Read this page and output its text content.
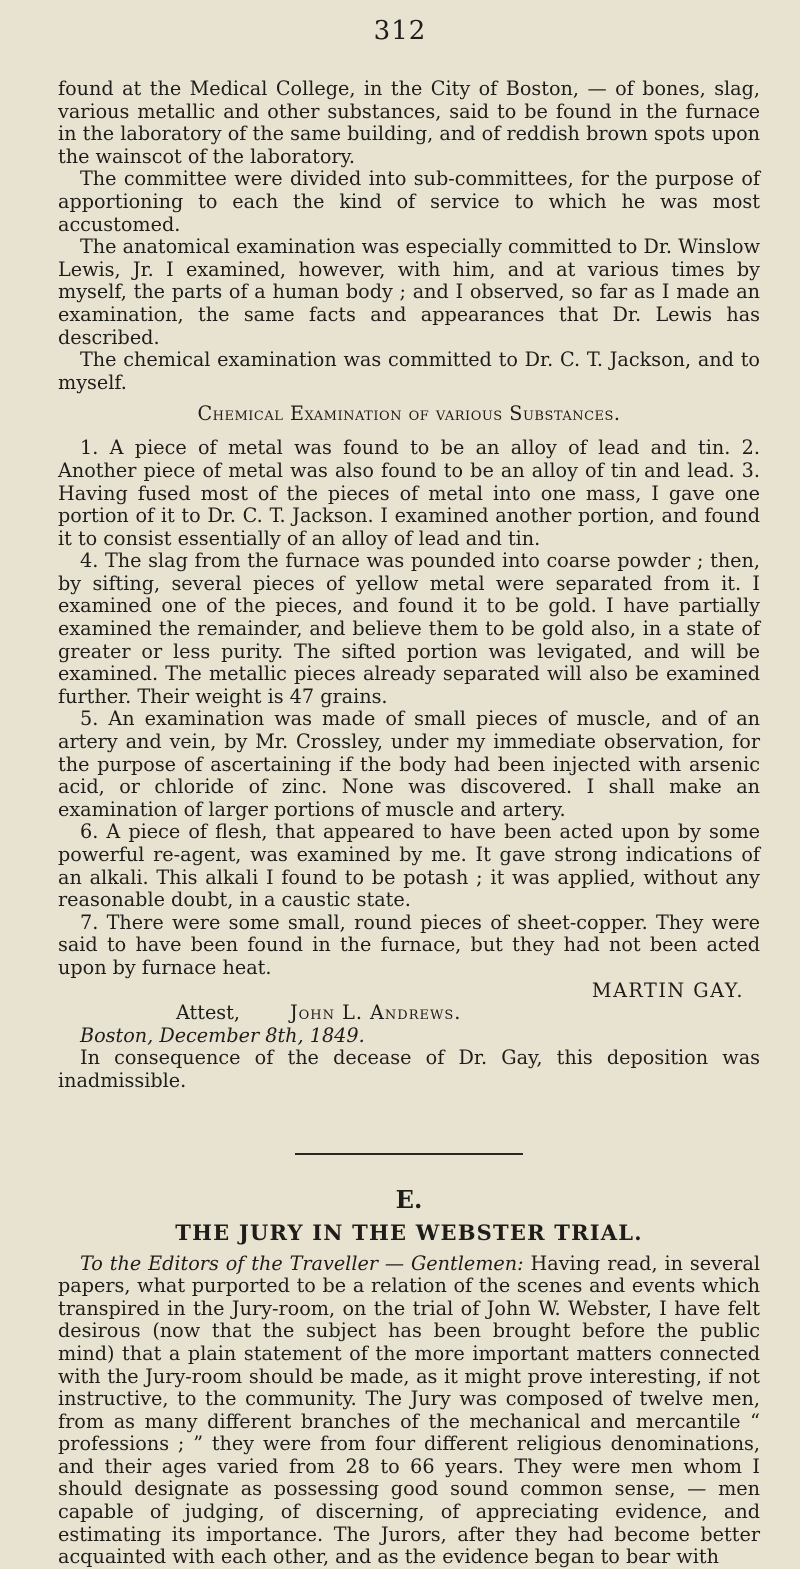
312

found at the Medical College, in the City of Boston, — of bones, slag, various metallic and other substances, said to be found in the furnace in the laboratory of the same building, and of reddish brown spots upon the wainscot of the laboratory.

The committee were divided into sub-committees, for the purpose of apportioning to each the kind of service to which he was most accustomed.

The anatomical examination was especially committed to Dr. Winslow Lewis, Jr. I examined, however, with him, and at various times by myself, the parts of a human body ; and I observed, so far as I made an examination, the same facts and appearances that Dr. Lewis has described.

The chemical examination was committed to Dr. C. T. Jackson, and to myself.

Chemical Examination of various Substances.

1. A piece of metal was found to be an alloy of lead and tin. 2. Another piece of metal was also found to be an alloy of tin and lead. 3. Having fused most of the pieces of metal into one mass, I gave one portion of it to Dr. C. T. Jackson. I examined another portion, and found it to consist essentially of an alloy of lead and tin.

4. The slag from the furnace was pounded into coarse powder ; then, by sifting, several pieces of yellow metal were separated from it. I examined one of the pieces, and found it to be gold. I have partially examined the remainder, and believe them to be gold also, in a state of greater or less purity. The sifted portion was levigated, and will be examined. The metallic pieces already separated will also be examined further. Their weight is 47 grains.

5. An examination was made of small pieces of muscle, and of an artery and vein, by Mr. Crossley, under my immediate observation, for the purpose of ascertaining if the body had been injected with arsenic acid, or chloride of zinc. None was discovered. I shall make an examination of larger portions of muscle and artery.

6. A piece of flesh, that appeared to have been acted upon by some powerful re-agent, was examined by me. It gave strong indications of an alkali. This alkali I found to be potash ; it was applied, without any reasonable doubt, in a caustic state.

7. There were some small, round pieces of sheet-copper. They were said to have been found in the furnace, but they had not been acted upon by furnace heat.

MARTIN GAY.
Attest,	John L. Andrews.
Boston, December 8th, 1849.

In consequence of the decease of Dr. Gay, this deposition was inadmissible.

E.
THE JURY IN THE WEBSTER TRIAL.

To the Editors of the Traveller — Gentlemen: Having read, in several papers, what purported to be a relation of the scenes and events which transpired in the Jury-room, on the trial of John W. Webster, I have felt desirous (now that the subject has been brought before the public mind) that a plain statement of the more important matters connected with the Jury-room should be made, as it might prove interesting, if not instructive, to the community. The Jury was composed of twelve men, from as many different branches of the mechanical and mercantile “ professions ; ” they were from four different religious denominations, and their ages varied from 28 to 66 years. They were men whom I should designate as possessing good sound common sense, — men capable of judging, of discerning, of appreciating evidence, and estimating its importance. The Jurors, after they had become better acquainted with each other, and as the evidence began to bear with
